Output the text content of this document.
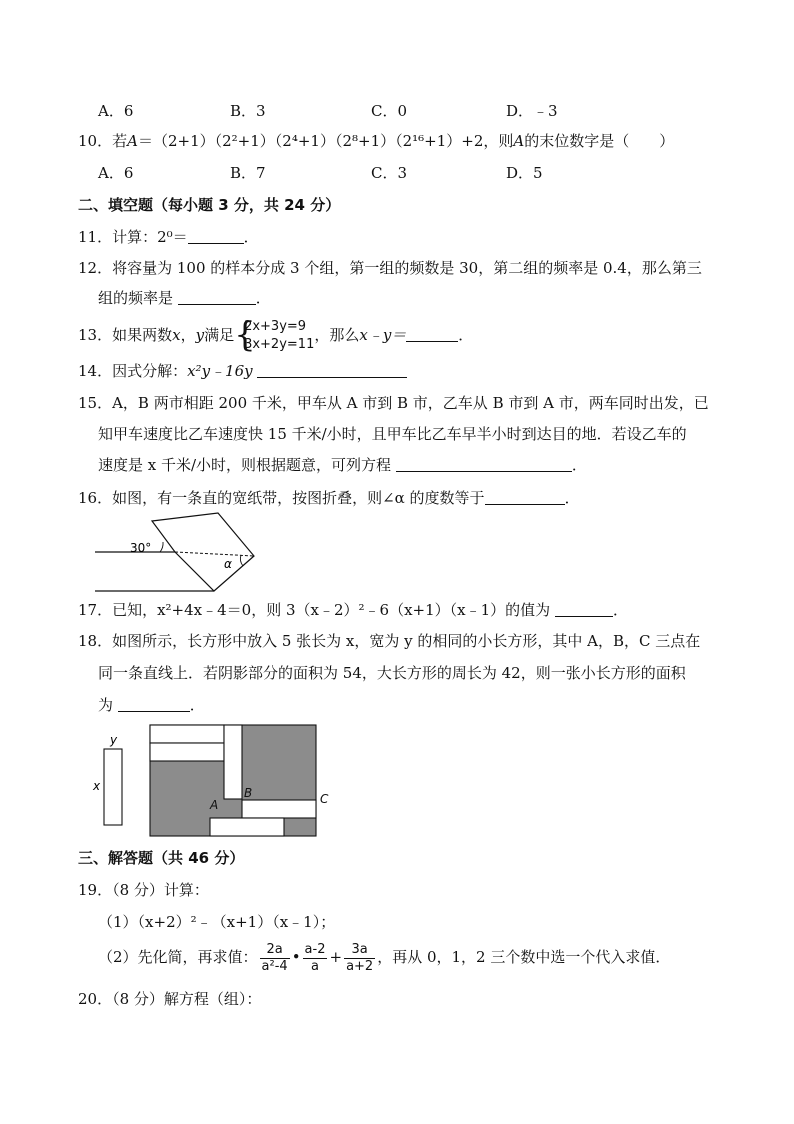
A．6	B．3	C．0	D．﹣3
10．若A＝（2+1）（2²+1）（2⁴+1）（2⁸+1）（2¹⁶+1）+2，则A的末位数字是（　　）
A．6	B．7	C．3	D．5
二、填空题（每小题 3 分，共 24 分）
11．计算：2⁰＝	．
12．将容量为 100 的样本分成 3 个组，第一组的频数是 30，第二组的频率是 0.4，那么第三
组的频率是	．
13．如果两数x，y满足 {
2x+3y=9
3x+2y=11
，那么x﹣y＝	．
14．因式分解：x²y﹣16y
15．A，B 两市相距 200 千米，甲车从 A 市到 B 市，乙车从 B 市到 A 市，两车同时出发，已
知甲车速度比乙车速度快 15 千米/小时，且甲车比乙车早半小时到达目的地．若设乙车的
速度是 x 千米/小时，则根据题意，可列方程	．
16．如图，有一条直的宽纸带，按图折叠，则∠α 的度数等于	．
30°
α
17．已知，x²+4x﹣4＝0，则 3（x﹣2）²﹣6（x+1）（x﹣1）的值为	．
18．如图所示，长方形中放入 5 张长为 x，宽为 y 的相同的小长方形，其中 A，B，C 三点在
同一条直线上．若阴影部分的面积为 54，大长方形的周长为 42，则一张小长方形的面积
为	．
y
x
A
B	C
三、解答题（共 46 分）
19．（8 分）计算：
（1）（x+2）²﹣（x+1）（x﹣1）；
（2）先化简，再求值： $\frac{2a}{\text{a²-4}}$ • $\frac{a-2}{a} + \frac{3a}{a+2}$ ，再从 0，1，2 三个数中选一个代入求值．
20．（8 分）解方程（组）：
